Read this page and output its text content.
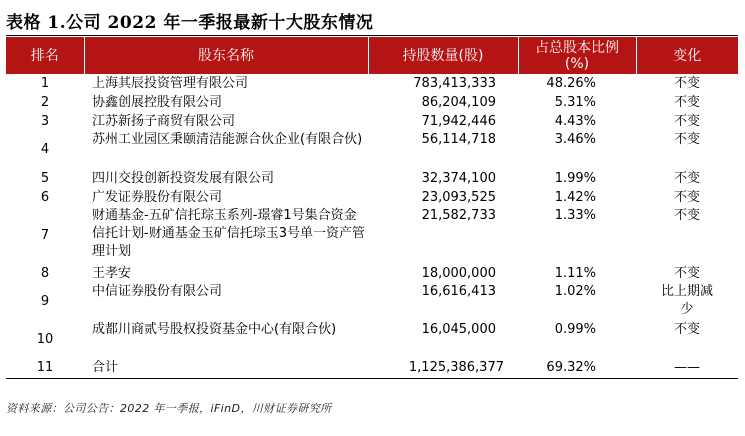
表格 1.公司 2022 年一季报最新十大股东情况
排名	股东名称	持股数量(股)	占总股本比例(%)	变化
1	上海其辰投资管理有限公司	783,413,333	48.26%	不变
2	协鑫创展控股有限公司	86,204,109	5.31%	不变
3	江苏新扬子商贸有限公司	71,942,446	4.43%	不变
4	苏州工业园区秉颐清洁能源合伙企业(有限合伙)	56,114,718	3.46%	不变
5	四川交投创新投资发展有限公司	32,374,100	1.99%	不变
6	广发证券股份有限公司	23,093,525	1.42%	不变
7	财通基金-五矿信托琮玉系列-璟睿1号集合资金信托计划-财通基金玉矿信托琮玉3号单一资产管理计划	21,582,733	1.33%	不变
8	王孝安	18,000,000	1.11%	不变
9	中信证券股份有限公司	16,616,413	1.02%	比上期减少
10	成都川商贰号股权投资基金中心(有限合伙)	16,045,000	0.99%	不变
11	合计	1,125,386,377	69.32%	——
资料来源：公司公告：2022 年一季报，iFinD，川财证券研究所
